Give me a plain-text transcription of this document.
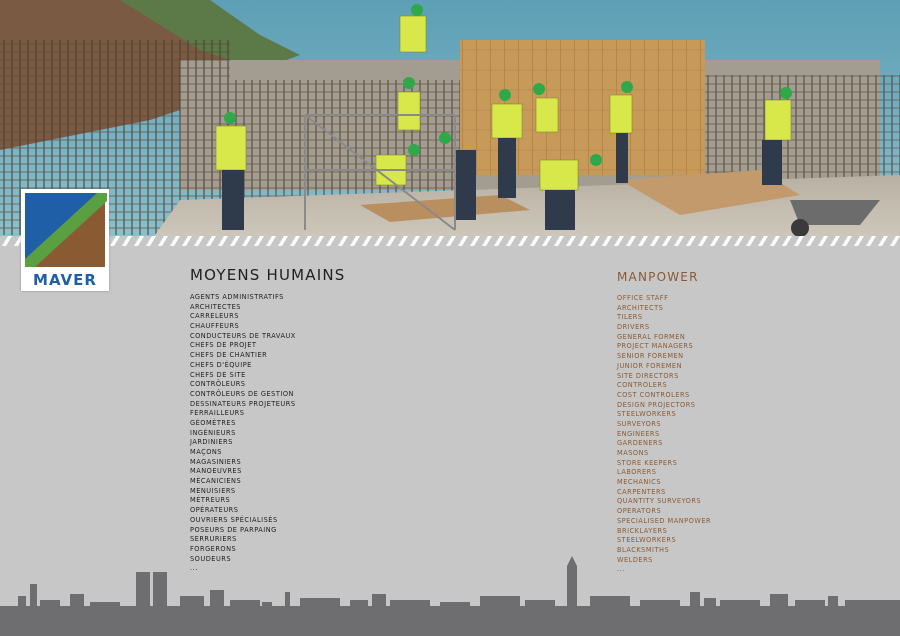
MAVER	MOYENS HUMAINS
AGENTS ADMINISTRATIFS
ARCHITECTES
CARRELEURS
CHAUFFEURS
CONDUCTEURS DE TRAVAUX
CHEFS DE PROJET
CHEFS DE CHANTIER
CHEFS D'ÉQUIPE
CHEFS DE SITE
CONTRÔLEURS
CONTRÔLEURS DE GESTION
DESSINATEURS PROJETEURS
FERRAILLEURS
GÉOMÈTRES
INGÉNIEURS
JARDINIERS
MAÇONS
MAGASINIERS
MANOEUVRES
MÉCANICIENS
MENUISIERS
MÉTREURS
OPÉRATEURS
OUVRIERS SPÉCIALISÉS
POSEURS DE PARPAING
SERRURIERS
FORGERONS
SOUDEURS
...
MANPOWER
OFFICE STAFF
ARCHITECTS
TILERS
DRIVERS
GENERAL FORMEN
PROJECT MANAGERS
SENIOR FOREMEN
JUNIOR FOREMEN
SITE DIRECTORS
CONTROLERS
COST CONTROLERS
DESIGN PROJECTORS
STEELWORKERS
SURVEYORS
ENGINEERS
GARDENERS
MASONS
STORE KEEPERS
LABORERS
MECHANICS
CARPENTERS
QUANTITY SURVEYORS
OPERATORS
SPECIALISED MANPOWER
BRICKLAYERS
STEELWORKERS
BLACKSMITHS
WELDERS
...
